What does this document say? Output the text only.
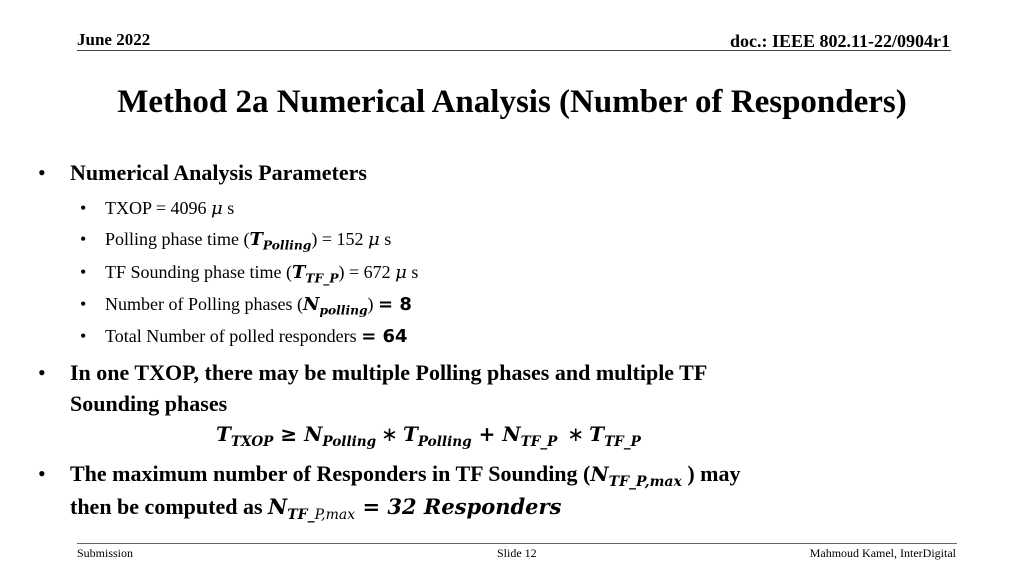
June 2022	doc.: IEEE 802.11-22/0904r1
Method 2a Numerical Analysis (Number of Responders)
• Numerical Analysis Parameters
• TXOP = 4096 μ s
• Polling phase time $(T_{Polling}) = 152$ μ s
• TF Sounding phase time $(T_{TF\_P}) = 672$ μ s
• Number of Polling phases $(N_{polling}) = 8$
• Total Number of polled responders = 64
• In one TXOP, there may be multiple Polling phases and multiple TF
Sounding phases
$T_{TXOP} \ge N_{Polling}$ ∗ $T_{Polling} + N_{TF\_P}$  ∗ $T_{TF\_P}$
• The maximum number of Responders in TF Sounding ($N_{TF\_P,max}$ ) may
then be computed as $N_{TF\_P,max} = 32$ Responders
Submission	Slide 12	Mahmoud Kamel, InterDigital
